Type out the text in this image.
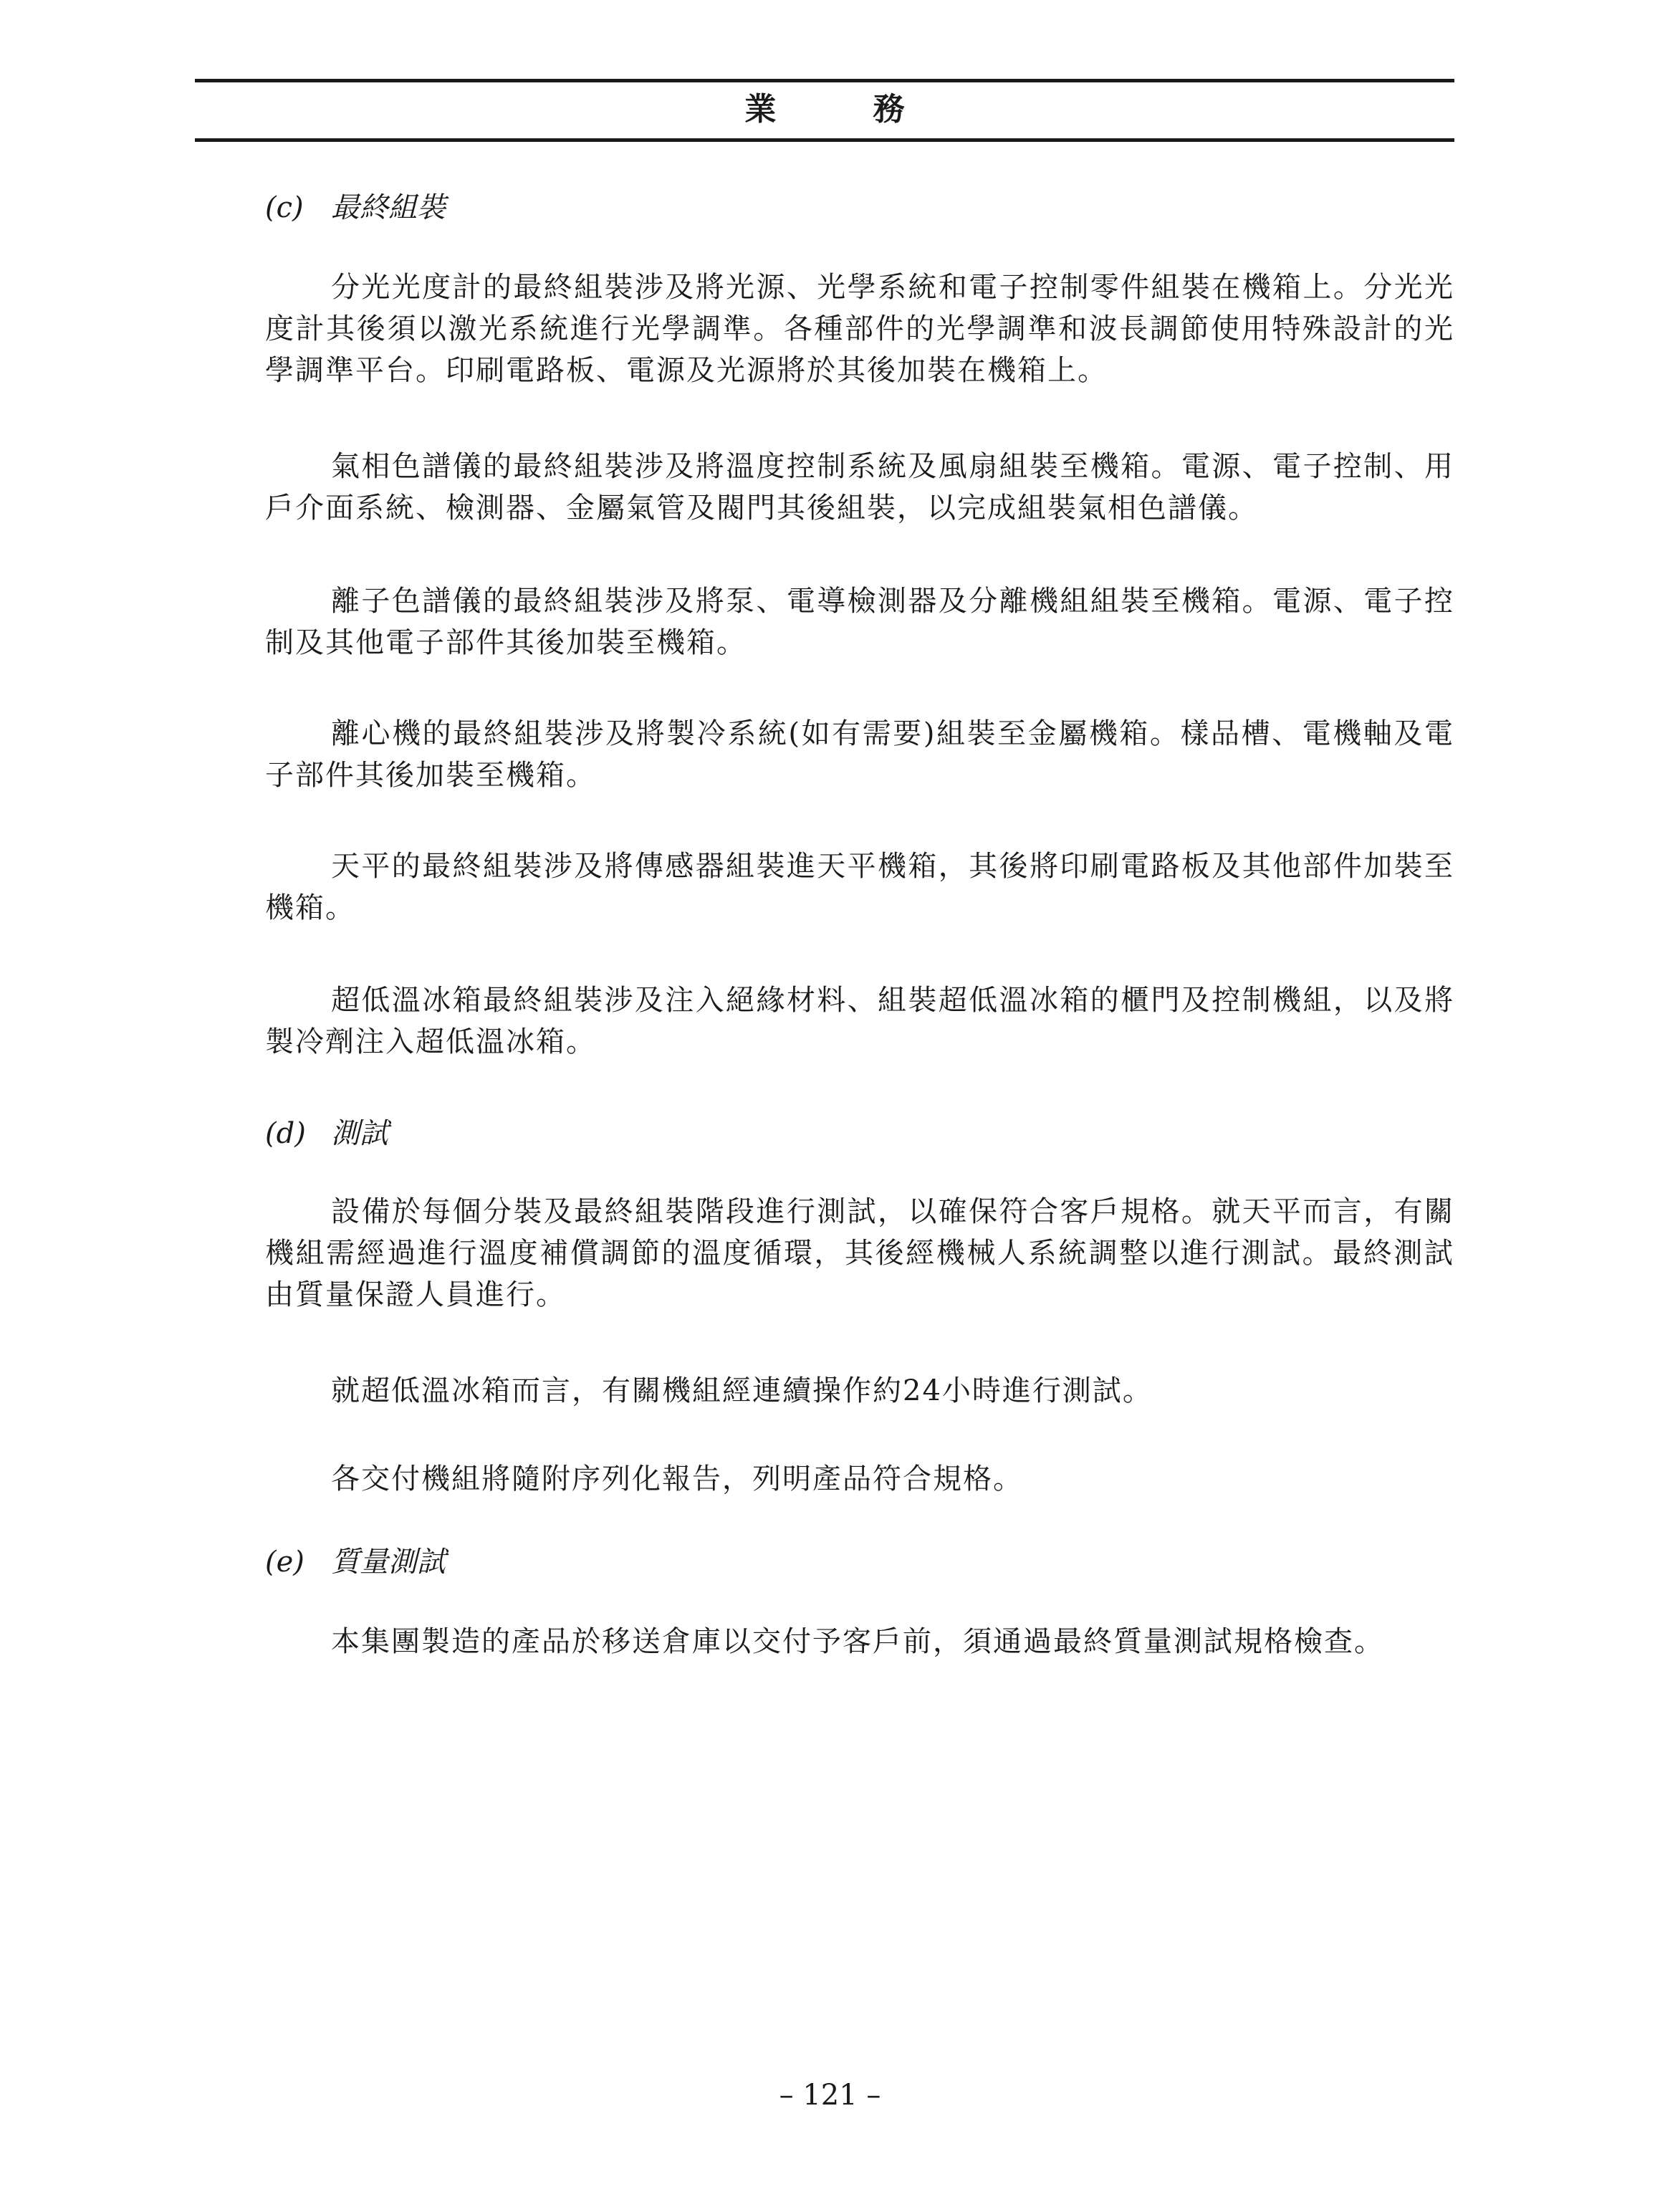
業 務
(c) 最終組裝

分光光度計的最終組裝涉及將光源、光學系統和電子控制零件組裝在機箱上。分光光度計其後須以激光系統進行光學調準。各種部件的光學調準和波長調節使用特殊設計的光學調準平台。印刷電路板、電源及光源將於其後加裝在機箱上。

氣相色譜儀的最終組裝涉及將溫度控制系統及風扇組裝至機箱。電源、電子控制、用戶介面系統、檢測器、金屬氣管及閥門其後組裝，以完成組裝氣相色譜儀。

離子色譜儀的最終組裝涉及將泵、電導檢測器及分離機組組裝至機箱。電源、電子控制及其他電子部件其後加裝至機箱。

離心機的最終組裝涉及將製冷系統(如有需要)組裝至金屬機箱。樣品槽、電機軸及電子部件其後加裝至機箱。

天平的最終組裝涉及將傳感器組裝進天平機箱，其後將印刷電路板及其他部件加裝至機箱。

超低溫冰箱最終組裝涉及注入絕緣材料、組裝超低溫冰箱的櫃門及控制機組，以及將製冷劑注入超低溫冰箱。

(d) 測試

設備於每個分裝及最終組裝階段進行測試，以確保符合客戶規格。就天平而言，有關機組需經過進行溫度補償調節的溫度循環，其後經機械人系統調整以進行測試。最終測試由質量保證人員進行。

就超低溫冰箱而言，有關機組經連續操作約24小時進行測試。

各交付機組將隨附序列化報告，列明產品符合規格。

(e) 質量測試

本集團製造的產品於移送倉庫以交付予客戶前，須通過最終質量測試規格檢查。

– 121 –
